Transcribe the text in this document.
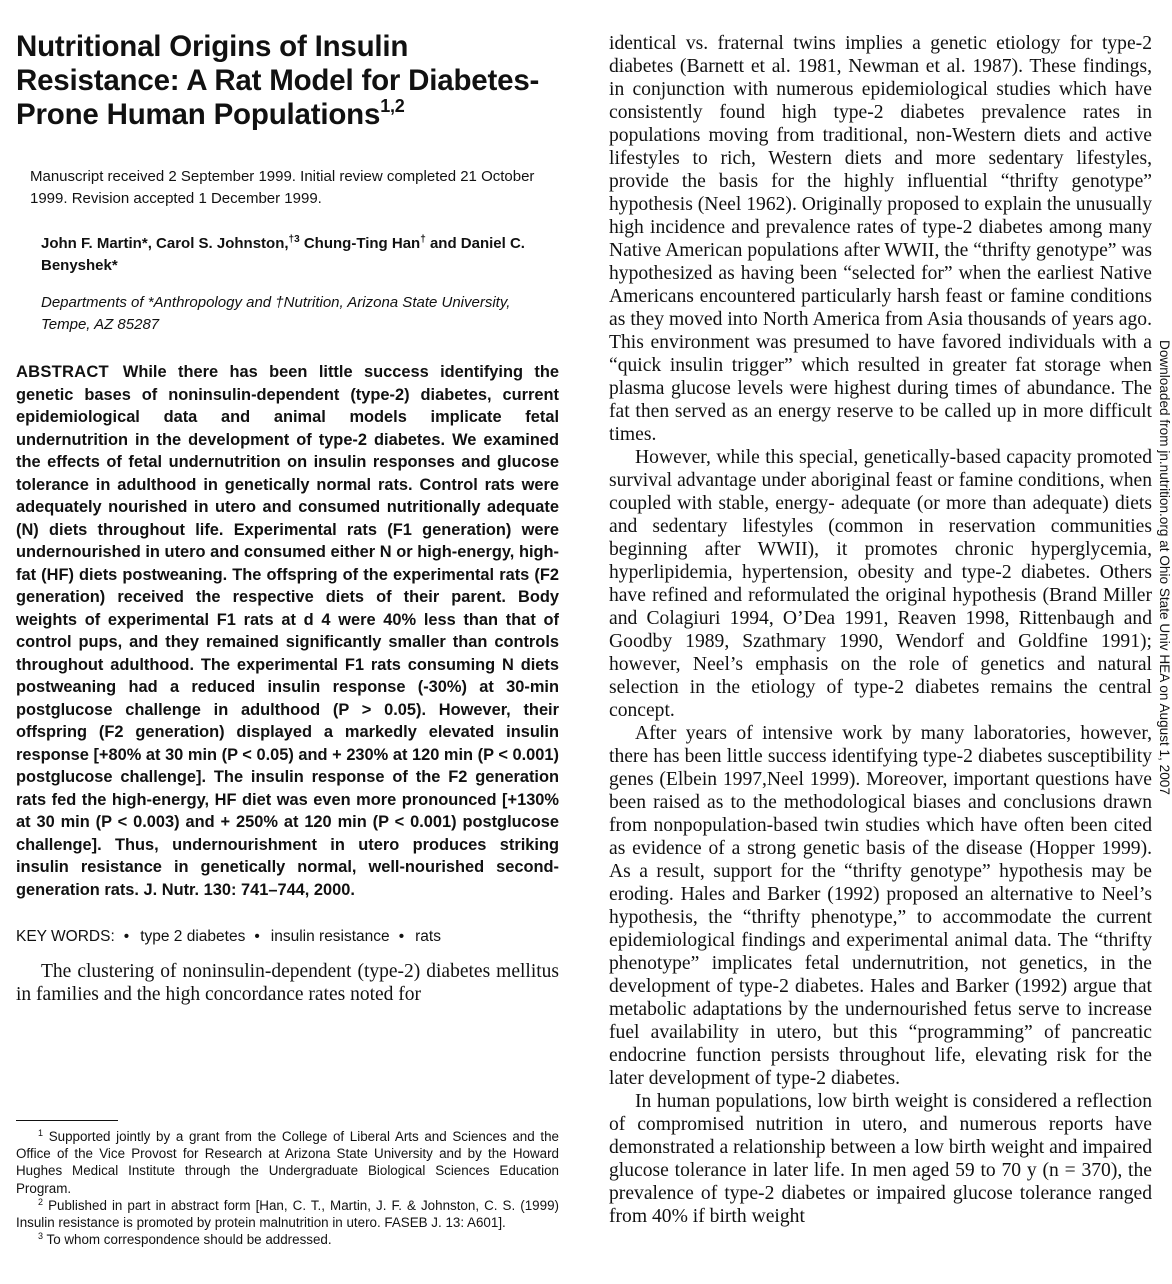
Nutritional Origins of Insulin Resistance: A Rat Model for Diabetes-Prone Human Populations$^{1,2}$

Manuscript received 2 September 1999. Initial review completed 21 October 1999. Revision accepted 1 December 1999.

John F. Martin*, Carol S. Johnston,$^{\dagger 3}$ Chung-Ting Han† and Daniel C. Benyshek*

Departments of *Anthropology and †Nutrition, Arizona State University, Tempe, AZ 85287

ABSTRACT While there has been little success identifying the genetic bases of noninsulin-dependent (type-2) diabetes, current epidemiological data and animal models implicate fetal undernutrition in the development of type-2 diabetes. We examined the effects of fetal undernutrition on insulin responses and glucose tolerance in adulthood in genetically normal rats. Control rats were adequately nourished in utero and consumed nutritionally adequate (N) diets throughout life. Experimental rats (F1 generation) were undernourished in utero and consumed either N or high-energy, high-fat (HF) diets postweaning. The offspring of the experimental rats (F2 generation) received the respective diets of their parent. Body weights of experimental F1 rats at d 4 were 40% less than that of control pups, and they remained significantly smaller than controls throughout adulthood. The experimental F1 rats consuming N diets postweaning had a reduced insulin response (-30%) at 30-min postglucose challenge in adulthood (P > 0.05). However, their offspring (F2 generation) displayed a markedly elevated insulin response [+80% at 30 min (P < 0.05) and + 230% at 120 min (P < 0.001) postglucose challenge]. The insulin response of the F2 generation rats fed the high-energy, HF diet was even more pronounced [+130% at 30 min (P < 0.003) and + 250% at 120 min (P < 0.001) postglucose challenge]. Thus, undernourishment in utero produces striking insulin resistance in genetically normal, well-nourished second-generation rats. J. Nutr. 130: 741–744, 2000.

KEY WORDS: • type 2 diabetes • insulin resistance • rats

The clustering of noninsulin-dependent (type-2) diabetes mellitus in families and the high concordance rates noted for

$^1$ Supported jointly by a grant from the College of Liberal Arts and Sciences and the Office of the Vice Provost for Research at Arizona State University and by the Howard Hughes Medical Institute through the Undergraduate Biological Sciences Education Program.

$^2$ Published in part in abstract form [Han, C. T., Martin, J. F. & Johnston, C. S. (1999) Insulin resistance is promoted by protein malnutrition in utero. FASEB J. 13: A601].

$^3$ To whom correspondence should be addressed.

identical vs. fraternal twins implies a genetic etiology for type-2 diabetes (Barnett et al. 1981, Newman et al. 1987). These findings, in conjunction with numerous epidemiological studies which have consistently found high type-2 diabetes prevalence rates in populations moving from traditional, non-Western diets and active lifestyles to rich, Western diets and more sedentary lifestyles, provide the basis for the highly influential “thrifty genotype” hypothesis (Neel 1962). Originally proposed to explain the unusually high incidence and prevalence rates of type-2 diabetes among many Native American populations after WWII, the “thrifty genotype” was hypothesized as having been “selected for” when the earliest Native Americans encountered particularly harsh feast or famine conditions as they moved into North America from Asia thousands of years ago. This environment was presumed to have favored individuals with a “quick insulin trigger” which resulted in greater fat storage when plasma glucose levels were highest during times of abundance. The fat then served as an energy reserve to be called up in more difficult times.

However, while this special, genetically-based capacity promoted survival advantage under aboriginal feast or famine conditions, when coupled with stable, energy- adequate (or more than adequate) diets and sedentary lifestyles (common in reservation communities beginning after WWII), it promotes chronic hyperglycemia, hyperlipidemia, hypertension, obesity and type-2 diabetes. Others have refined and reformulated the original hypothesis (Brand Miller and Colagiuri 1994, O’Dea 1991, Reaven 1998, Rittenbaugh and Goodby 1989, Szathmary 1990, Wendorf and Goldfine 1991); however, Neel’s emphasis on the role of genetics and natural selection in the etiology of type-2 diabetes remains the central concept.

After years of intensive work by many laboratories, however, there has been little success identifying type-2 diabetes susceptibility genes (Elbein 1997,Neel 1999). Moreover, important questions have been raised as to the methodological biases and conclusions drawn from nonpopulation-based twin studies which have often been cited as evidence of a strong genetic basis of the disease (Hopper 1999). As a result, support for the “thrifty genotype” hypothesis may be eroding. Hales and Barker (1992) proposed an alternative to Neel’s hypothesis, the “thrifty phenotype,” to accommodate the current epidemiological findings and experimental animal data. The “thrifty phenotype” implicates fetal undernutrition, not genetics, in the development of type-2 diabetes. Hales and Barker (1992) argue that metabolic adaptations by the undernourished fetus serve to increase fuel availability in utero, but this “programming” of pancreatic endocrine function persists throughout life, elevating risk for the later development of type-2 diabetes.

In human populations, low birth weight is considered a reflection of compromised nutrition in utero, and numerous reports have demonstrated a relationship between a low birth weight and impaired glucose tolerance in later life. In men aged 59 to 70 y (n = 370), the prevalence of type-2 diabetes or impaired glucose tolerance ranged from 40% if birth weight

Downloaded from jn.nutrition.org at Ohio State Univ HEA on August 1, 2007
